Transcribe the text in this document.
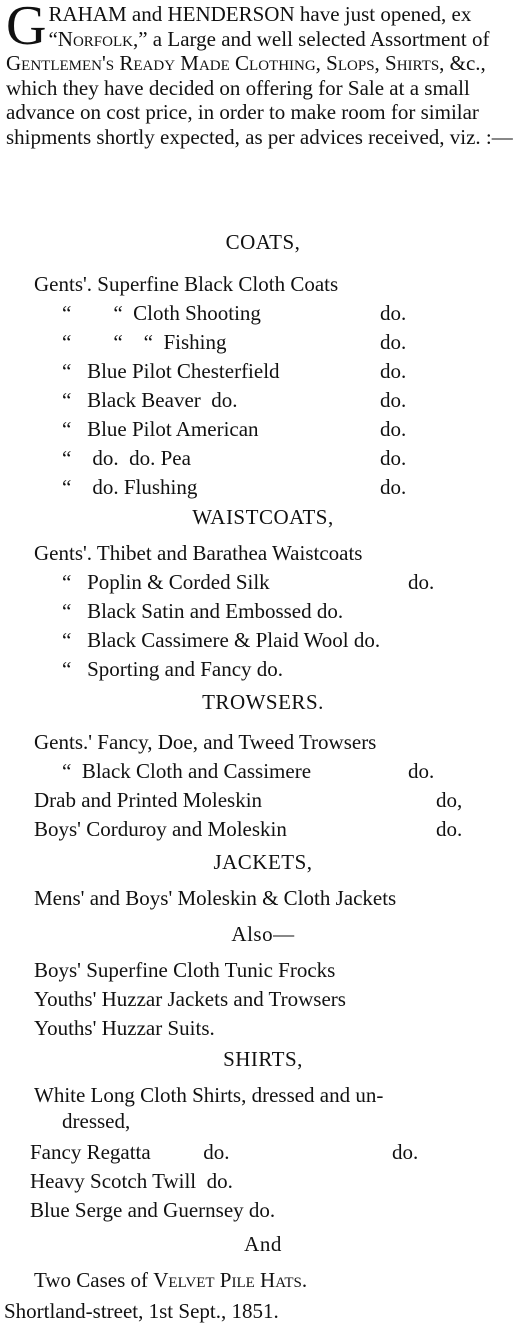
GRAHAM and HENDERSON have just opened, ex “Norfolk,” a Large and well selected Assortment of Gentlemen's Ready Made Clothing, Slops, Shirts, &c., which they have decided on offering for Sale at a small advance on cost price, in order to make room for similar shipments shortly expected, as per advices received, viz. :—

COATS,
Gents'. Superfine Black Cloth Coats
“        “  Cloth Shooting	do.
“        “    “  Fishing	do.
“   Blue Pilot Chesterfield	do.
“   Black Beaver  do.	do.
“   Blue Pilot American	do.
“    do.  do. Pea	do.
“    do. Flushing	do.
WAISTCOATS,
Gents'. Thibet and Barathea Waistcoats
“   Poplin & Corded Silk	do.
“   Black Satin and Embossed do.
“   Black Cassimere & Plaid Wool do.
“   Sporting and Fancy do.
TROWSERS.
Gents.' Fancy, Doe, and Tweed Trowsers
“  Black Cloth and Cassimere	do.
Drab and Printed Moleskin	do,
Boys' Corduroy and Moleskin	do.
JACKETS,
Mens' and Boys' Moleskin & Cloth Jackets
Also—
Boys' Superfine Cloth Tunic Frocks
Youths' Huzzar Jackets and Trowsers
Youths' Huzzar Suits.
SHIRTS,
White Long Cloth Shirts, dressed and un-
dressed,
Fancy Regatta          do.	do.
Heavy Scotch Twill  do.
Blue Serge and Guernsey do.
And
Two Cases of Velvet Pile Hats.
Shortland-street, 1st Sept., 1851.
